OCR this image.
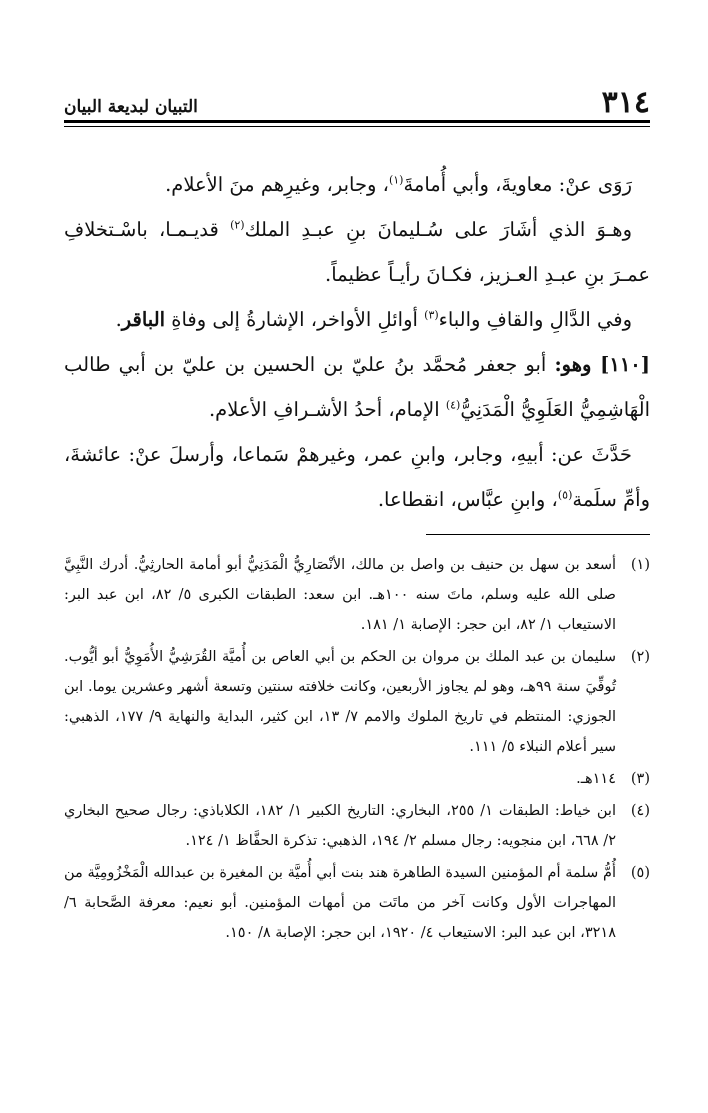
٣١٤
التبيان لبديعة البيان

رَوَى عنْ: معاويةَ، وأبي أُمامةَ$^{(١)}$، وجابر، وغيرِهم منَ الأعلام.

وهـوَ الذي أشَارَ على سُـليمانَ بنِ عبـدِ الملك$^{(٢)}$ قديـمـا، باسْـتخلافِ عمـرَ بنِ عبـدِ العـزيز، فكـانَ رأيـاً عظيماً.

وفي الدَّالِ والقافِ والباء$^{(٣)}$ أوائلِ الأواخر، الإشارةُ إلى وفاةِ الباقر.

[١١٠] وهو: أبو جعفر مُحمَّد بنُ عليّ بن الحسين بن عليّ بن أبي طالب الْهَاشِمِيُّ العَلَوِيُّ الْمَدَنِيُّ$^{(٤)}$ الإمام، أحدُ الأشـرافِ الأعلام.

حَدَّثَ عن: أبيهِ، وجابر، وابنِ عمر، وغيرهمْ سَماعا، وأرسلَ عنْ: عائشةَ، وأمِّ سلَمة$^{(٥)}$، وابنِ عبَّاس، انقطاعا.

(١)
أسعد بن سهل بن حنيف بن واصل بن مالك، الأنْصَارِيُّ الْمَدَنِيُّ أبو أمامة الحارثِيُّ. أدرك النَّبِيَّ صلى الله عليه وسلم، ماتَ سنه ١٠٠هـ. ابن سعد: الطبقات الكبرى ٥/ ٨٢، ابن عبد البر: الاستيعاب ١/ ٨٢، ابن حجر: الإصابة ١/ ١٨١.
(٢)
سليمان بن عبد الملك بن مروان بن الحكم بن أبي العاص بن أُميَّة القُرَشِيُّ الأُمَوِيُّ أبو أيُّوب. تُوفِّيَ سنة ٩٩هـ، وهو لم يجاوز الأربعين، وكانت خلافته سنتين وتسعة أشهر وعشرين يوما. ابن الجوزي: المنتظم في تاريخ الملوك والامم ٧/ ١٣، ابن كثير، البداية والنهاية ٩/ ١٧٧، الذهبي: سير أعلام النبلاء ٥/ ١١١.
(٣)
١١٤هـ.
(٤)
ابن خياط: الطبقات ١/ ٢٥٥، البخاري: التاريخ الكبير ١/ ١٨٢، الكلاباذي: رجال صحيح البخاري ٢/ ٦٦٨، ابن منجويه: رجال مسلم ٢/ ١٩٤، الذهبي: تذكرة الحفَّاظ ١/ ١٢٤.
(٥)
أُمُّ سلمة أم المؤمنين السيدة الطاهرة هند بنت أبي أُميَّة بن المغيرة بن عبدالله الْمَخْزُومِيَّة من المهاجرات الأول وكانت آخر من ماتَت من أمهات المؤمنين. أبو نعيم: معرفة الصَّحابة ٦/ ٣٢١٨، ابن عبد البر: الاستيعاب ٤/ ١٩٢٠، ابن حجر: الإصابة ٨/ ١٥٠.
